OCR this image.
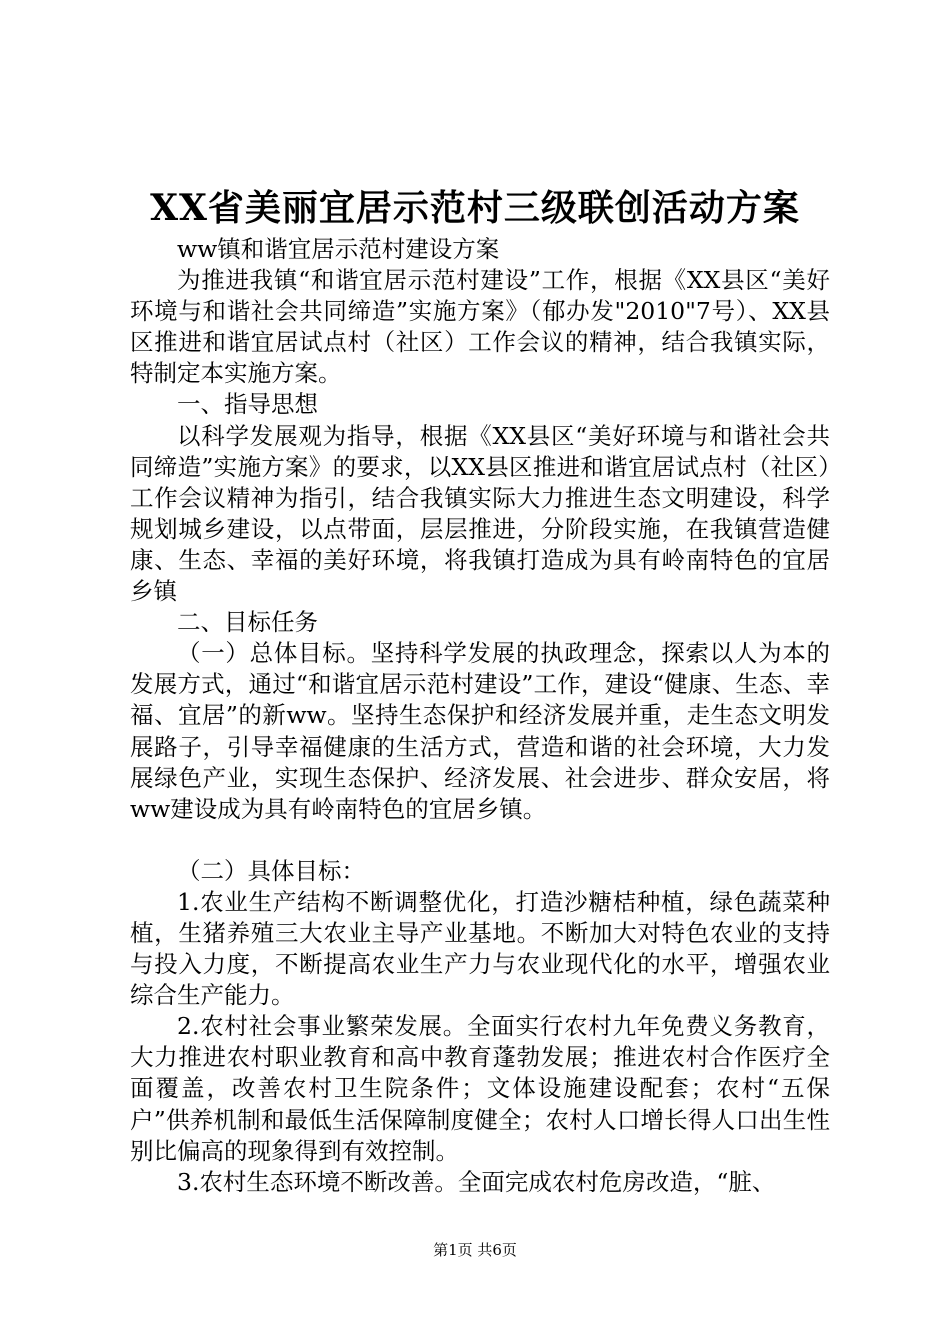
XX省美丽宜居示范村三级联创活动方案

ww镇和谐宜居示范村建设方案

为推进我镇“和谐宜居示范村建设”工作，根据《XX县区“美好环境与和谐社会共同缔造”实施方案》（郁办发"2010"7号）、XX县区推进和谐宜居试点村（社区）工作会议的精神，结合我镇实际，特制定本实施方案。

一、指导思想

以科学发展观为指导，根据《XX县区“美好环境与和谐社会共同缔造”实施方案》的要求，以XX县区推进和谐宜居试点村（社区）工作会议精神为指引，结合我镇实际大力推进生态文明建设，科学规划城乡建设，以点带面，层层推进，分阶段实施，在我镇营造健康、生态、幸福的美好环境，将我镇打造成为具有岭南特色的宜居乡镇

二、目标任务

（一）总体目标。坚持科学发展的执政理念，探索以人为本的发展方式，通过“和谐宜居示范村建设”工作，建设“健康、生态、幸福、宜居”的新ww。坚持生态保护和经济发展并重，走生态文明发展路子，引导幸福健康的生活方式，营造和谐的社会环境，大力发展绿色产业，实现生态保护、经济发展、社会进步、群众安居，将ww建设成为具有岭南特色的宜居乡镇。

（二）具体目标：

1.农业生产结构不断调整优化，打造沙糖桔种植，绿色蔬菜种植，生猪养殖三大农业主导产业基地。不断加大对特色农业的支持与投入力度，不断提高农业生产力与农业现代化的水平，增强农业综合生产能力。

2.农村社会事业繁荣发展。全面实行农村九年免费义务教育，大力推进农村职业教育和高中教育蓬勃发展；推进农村合作医疗全面覆盖，改善农村卫生院条件；文体设施建设配套；农村“五保户”供养机制和最低生活保障制度健全；农村人口增长得人口出生性别比偏高的现象得到有效控制。

3.农村生态环境不断改善。全面完成农村危房改造，“脏、

第1页 共6页
